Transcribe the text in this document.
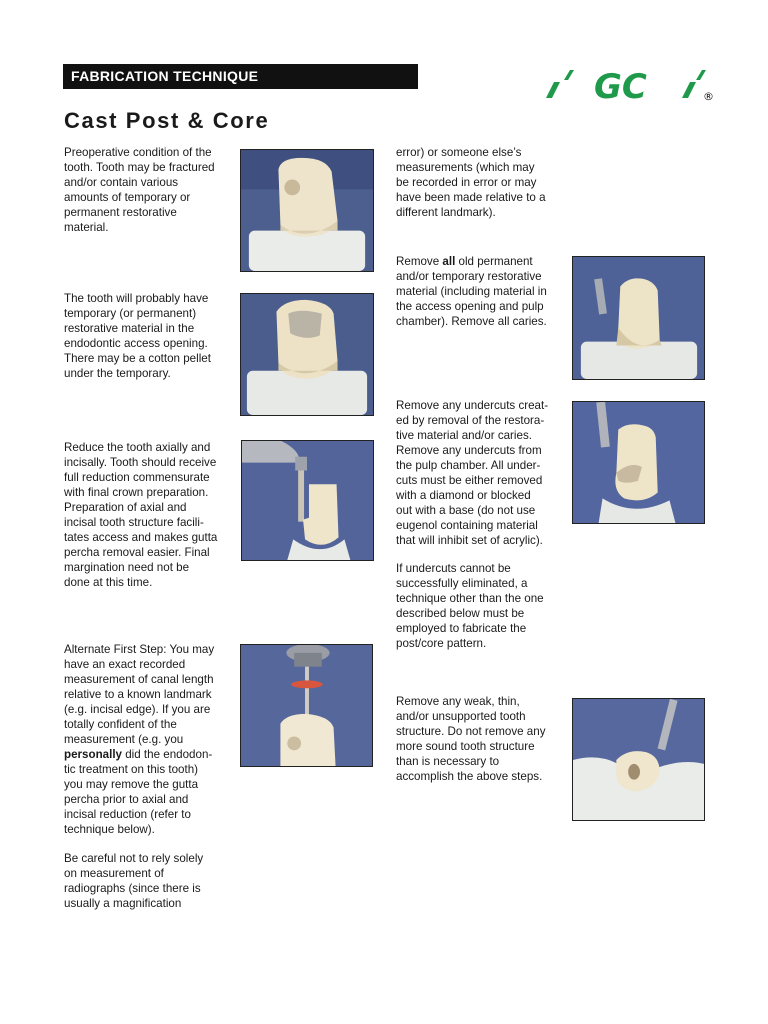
FABRICATION TECHNIQUE	GC	®
Cast Post & Core

Preoperative condition of the
tooth. Tooth may be fractured
and/or contain various
amounts of temporary or
permanent restorative
material.

The tooth will probably have
temporary (or permanent)
restorative material in the
endodontic access opening.
There may be a cotton pellet
under the temporary.

Reduce the tooth axially and
incisally. Tooth should receive
full reduction commensurate
with final crown preparation.
Preparation of axial and
incisal tooth structure facili-
tates access and makes gutta
percha removal easier. Final
margination need not be
done at this time.

Alternate First Step: You may
have an exact recorded
measurement of canal length
relative to a known landmark
(e.g. incisal edge). If you are
totally confident of the
measurement (e.g. you
personally did the endodon-
tic treatment on this tooth)
you may remove the gutta
percha prior to axial and
incisal reduction (refer to
technique below).

Be careful not to rely solely
on measurement of
radiographs (since there is
usually a magnification

error) or someone else’s
measurements (which may
be recorded in error or may
have been made relative to a
different landmark).

Remove all old permanent
and/or temporary restorative
material (including material in
the access opening and pulp
chamber). Remove all caries.

Remove any undercuts creat-
ed by removal of the restora-
tive material and/or caries.
Remove any undercuts from
the pulp chamber. All under-
cuts must be either removed
with a diamond or blocked
out with a base (do not use
eugenol containing material
that will inhibit set of acrylic).

If undercuts cannot be
successfully eliminated, a
technique other than the one
described below must be
employed to fabricate the
post/core pattern.

Remove any weak, thin,
and/or unsupported tooth
structure. Do not remove any
more sound tooth structure
than is necessary to
accomplish the above steps.
